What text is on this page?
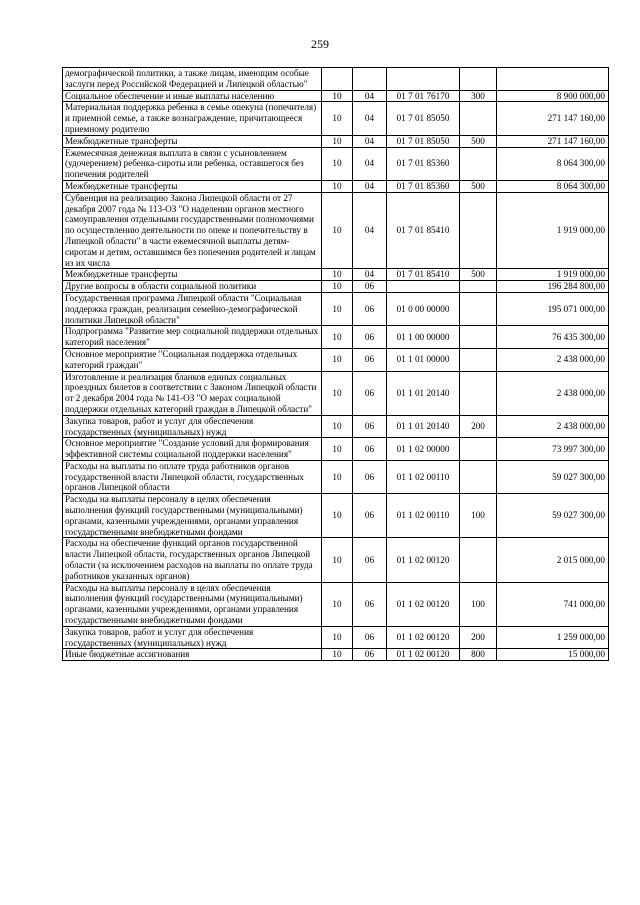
259
демографической политики, а также лицам, имеющим особые заслуги перед Российской Федерацией и Липецкой областью"					
Социальное обеспечение и иные выплаты населению	10	04	01 7 01 76170	300	8 900 000,00
Материальная поддержка ребенка в семье опекуна (попечителя) и приемной семье, а также вознаграждение, причитающееся приемному родителю	10	04	01 7 01 85050		271 147 160,00
Межбюджетные трансферты	10	04	01 7 01 85050	500	271 147 160,00
Ежемесячная денежная выплата в связи с усыновлением (удочерением) ребенка-сироты или ребенка, оставшегося без попечения родителей	10	04	01 7 01 85360		8 064 300,00
Межбюджетные трансферты	10	04	01 7 01 85360	500	8 064 300,00
Субвенция на реализацию Закона Липецкой области от 27 декабря 2007 года № 113-ОЗ "О наделении органов местного самоуправления отдельными государственными полномочиями по осуществлению деятельности по опеке и попечительству в Липецкой области" в части ежемесячной выплаты детям-сиротам и детям, оставшимся без попечения родителей и лицам из их числа	10	04	01 7 01 85410		1 919 000,00
Межбюджетные трансферты	10	04	01 7 01 85410	500	1 919 000,00
Другие вопросы в области социальной политики	10	06			196 284 800,00
Государственная программа Липецкой области "Социальная поддержка граждан, реализация семейно-демографической политики Липецкой области"	10	06	01 0 00 00000		195 071 000,00
Подпрограмма "Развитие мер социальной поддержки отдельных категорий населения"	10	06	01 1 00 00000		76 435 300,00
Основное мероприятие "Социальная поддержка отдельных категорий граждан"	10	06	01 1 01 00000		2 438 000,00
Изготовление и реализация бланков единых социальных проездных билетов в соответствии с Законом Липецкой области от 2 декабря 2004 года № 141-ОЗ "О мерах социальной поддержки отдельных категорий граждан в Липецкой области"	10	06	01 1 01 20140		2 438 000,00
Закупка товаров, работ и услуг для обеспечения государственных (муниципальных) нужд	10	06	01 1 01 20140	200	2 438 000,00
Основное мероприятие "Создание условий для формирования эффективной системы социальной поддержки населения"	10	06	01 1 02 00000		73 997 300,00
Расходы на выплаты по оплате труда работников органов государственной власти Липецкой области, государственных органов Липецкой области	10	06	01 1 02 00110		59 027 300,00
Расходы на выплаты персоналу в целях обеспечения выполнения функций государственными (муниципальными) органами, казенными учреждениями, органами управления государственными внебюджетными фондами	10	06	01 1 02 00110	100	59 027 300,00
Расходы на обеспечение функций органов государственной власти Липецкой области, государственных органов Липецкой области (за исключением расходов на выплаты по оплате труда работников указанных органов)	10	06	01 1 02 00120		2 015 000,00
Расходы на выплаты персоналу в целях обеспечения выполнения функций государственными (муниципальными) органами, казенными учреждениями, органами управления государственными внебюджетными фондами	10	06	01 1 02 00120	100	741 000,00
Закупка товаров, работ и услуг для обеспечения государственных (муниципальных) нужд	10	06	01 1 02 00120	200	1 259 000,00
Иные бюджетные ассигнования	10	06	01 1 02 00120	800	15 000,00
